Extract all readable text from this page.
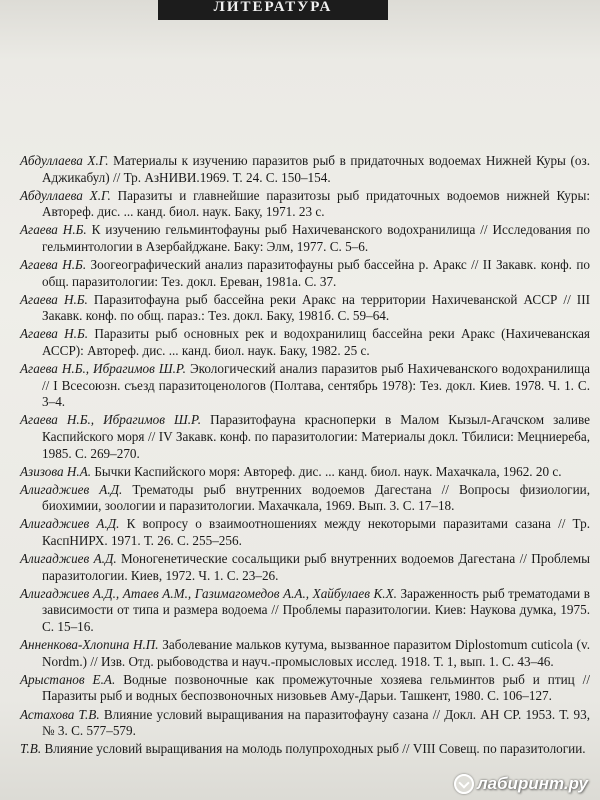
ЛИТЕРАТУРА

Абдуллаева Х.Г. Материалы к изучению паразитов рыб в придаточных водоемах Нижней Куры (оз. Аджикабул) // Тр. АзНИВИ.1969. Т. 24. С. 150–154.

Абдуллаева Х.Г. Паразиты и главнейшие паразитозы рыб придаточных водоемов нижней Куры: Автореф. дис. ... канд. биол. наук. Баку, 1971. 23 с.

Агаева Н.Б. К изучению гельминтофауны рыб Нахичеванского водохранилища // Исследования по гельминтологии в Азербайджане. Баку: Элм, 1977. С. 5–6.

Агаева Н.Б. Зоогеографический анализ паразитофауны рыб бассейна р. Аракс // II Закавк. конф. по общ. паразитологии: Тез. докл. Ереван, 1981а. С. 37.

Агаева Н.Б. Паразитофауна рыб бассейна реки Аракс на территории Нахичеванской АССР // III Закавк. конф. по общ. параз.: Тез. докл. Баку, 1981б. С. 59–64.

Агаева Н.Б. Паразиты рыб основных рек и водохранилищ бассейна реки Аракс (Нахичеванская АССР): Автореф. дис. ... канд. биол. наук. Баку, 1982. 25 с.

Агаева Н.Б., Ибрагимов Ш.Р. Экологический анализ паразитов рыб Нахичеванского водохранилища // I Всесоюзн. съезд паразитоценологов (Полтава, сентябрь 1978): Тез. докл. Киев. 1978. Ч. 1. С. 3–4.

Агаева Н.Б., Ибрагимов Ш.Р. Паразитофауна красноперки в Малом Кызыл-Агачском заливе Каспийского моря // IV Закавк. конф. по паразитологии: Материалы докл. Тбилиси: Мецниереба, 1985. С. 269–270.

Азизова Н.А. Бычки Каспийского моря: Автореф. дис. ... канд. биол. наук. Махачкала, 1962. 20 с.

Алигаджиев А.Д. Трематоды рыб внутренних водоемов Дагестана // Вопросы физиологии, биохимии, зоологии и паразитологии. Махачкала, 1969. Вып. 3. С. 17–18.

Алигаджиев А.Д. К вопросу о взаимоотношениях между некоторыми паразитами сазана // Тр. КаспНИРХ. 1971. Т. 26. С. 255–256.

Алигаджиев А.Д. Моногенетические сосальщики рыб внутренних водоемов Дагестана // Проблемы паразитологии. Киев, 1972. Ч. 1. С. 23–26.

Алигаджиев А.Д., Атаев А.М., Газимагомедов А.А., Хайбулаев К.Х. Зараженность рыб трематодами в зависимости от типа и размера водоема // Проблемы паразитологии. Киев: Наукова думка, 1975. С. 15–16.

Анненкова-Хлопина Н.П. Заболевание мальков кутума, вызванное паразитом Diplostomum cuticola (v. Nordm.) // Изв. Отд. рыбоводства и науч.-промысловых исслед. 1918. Т. 1, вып. 1. С. 43–46.

Арыстанов Е.А. Водные позвоночные как промежуточные хозяева гельминтов рыб и птиц // Паразиты рыб и водных беспозвоночных низовьев Аму-Дарьи. Ташкент, 1980. С. 106–127.

Астахова Т.В. Влияние условий выращивания на паразитофауну сазана // Докл. АН СР. 1953. Т. 93, № 3. С. 577–579.

Т.В. Влияние условий выращивания на молодь полупроходных рыб // VIII Совещ. по паразитологии.

лабиринт.ру
